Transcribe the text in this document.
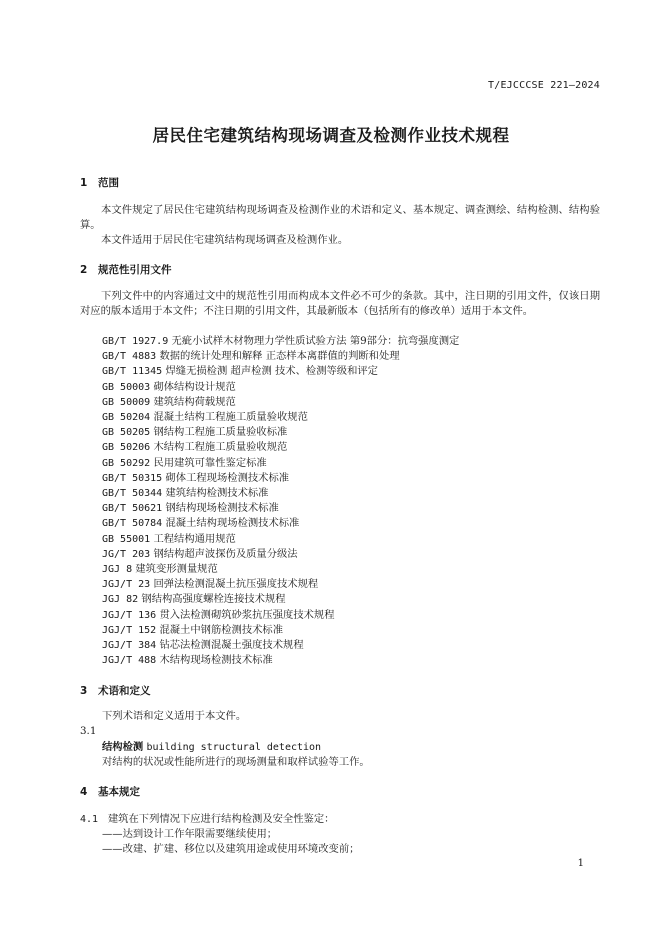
T/EJCCCSE 221—2024
居民住宅建筑结构现场调查及检测作业技术规程
1 范围

本文件规定了居民住宅建筑结构现场调查及检测作业的术语和定义、基本规定、调查测绘、结构检测、结构验算。

本文件适用于居民住宅建筑结构现场调查及检测作业。

2 规范性引用文件

下列文件中的内容通过文中的规范性引用而构成本文件必不可少的条款。其中，注日期的引用文件，仅该日期对应的版本适用于本文件；不注日期的引用文件，其最新版本（包括所有的修改单）适用于本文件。

GB/T 1927.9 无疵小试样木材物理力学性质试验方法 第9部分：抗弯强度测定
GB/T 4883 数据的统计处理和解释 正态样本离群值的判断和处理
GB/T 11345 焊缝无损检测 超声检测 技术、检测等级和评定
GB 50003 砌体结构设计规范
GB 50009 建筑结构荷载规范
GB 50204 混凝土结构工程施工质量验收规范
GB 50205 钢结构工程施工质量验收标准
GB 50206 木结构工程施工质量验收规范
GB 50292 民用建筑可靠性鉴定标准
GB/T 50315 砌体工程现场检测技术标准
GB/T 50344 建筑结构检测技术标准
GB/T 50621 钢结构现场检测技术标准
GB/T 50784 混凝土结构现场检测技术标准
GB 55001 工程结构通用规范
JG/T 203 钢结构超声波探伤及质量分级法
JGJ 8 建筑变形测量规范
JGJ/T 23 回弹法检测混凝土抗压强度技术规程
JGJ 82 钢结构高强度螺栓连接技术规程
JGJ/T 136 贯入法检测砌筑砂浆抗压强度技术规程
JGJ/T 152 混凝土中钢筋检测技术标准
JGJ/T 384 钻芯法检测混凝土强度技术规程
JGJ/T 488 木结构现场检测技术标准
3 术语和定义
下列术语和定义适用于本文件。
3.1
结构检测 building structural detection
对结构的状况或性能所进行的现场测量和取样试验等工作。
4 基本规定
4.1 建筑在下列情况下应进行结构检测及安全性鉴定：
——达到设计工作年限需要继续使用；
——改建、扩建、移位以及建筑用途或使用环境改变前；
1
